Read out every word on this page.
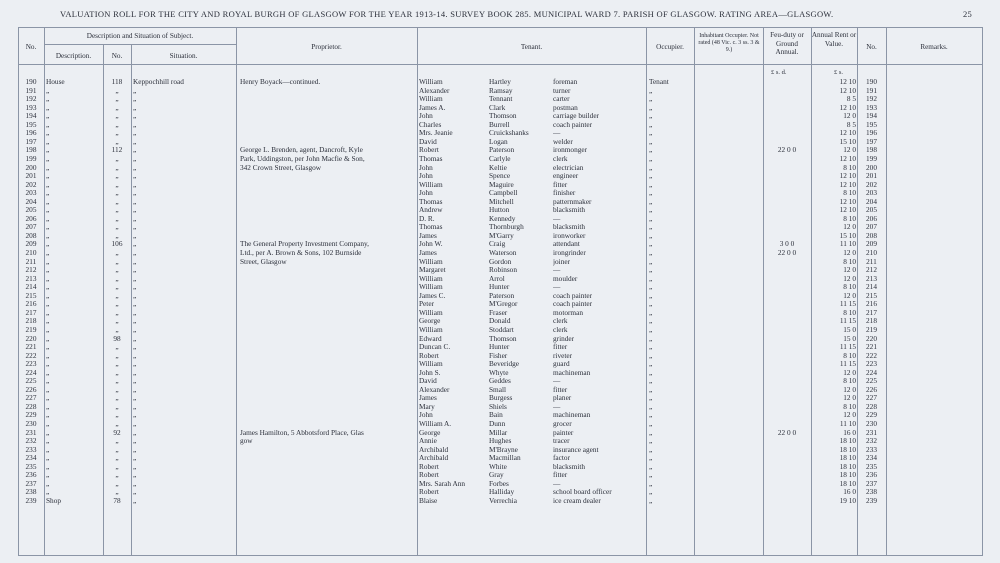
VALUATION ROLL FOR THE CITY AND ROYAL BURGH OF GLASGOW FOR THE YEAR 1913-14. SURVEY BOOK 285. MUNICIPAL WARD 7. PARISH OF GLASGOW. RATING AREA—GLASGOW.	25
No.
Description and Situation of Subject.
Description.	No.	Situation.
Proprietor.	Tenant.	Occupier.
Inhabitant Occupier. Not rated (48 Vic. c. 3 ss. 3 & 9.)
Annual Rent or Value.
Feu-duty or Ground Annual.
No.	Remarks.
£ s. d.	£ s.
190	House	118	Keppochhill road	Henry Boyack—continued.	William	Hartley	foreman	Tenant	12 10	190
191	„	„	„	Alexander	Ramsay	turner	„	12 10	191
192	„	„	„	William	Tennant	carter	„	8 5	192
193	„	„	„	James A.	Clark	postman	„	12 10	193
194	„	„	„	John	Thomson	carriage builder	„	12 0	194
195	„	„	„	Charles	Burrell	coach painter	„	8 5	195
196	„	„	„	Mrs. Jeanie	Cruickshanks	—	„	12 10	196
197	„	„	„	David	Logan	welder	„	15 10	197
198	„	112	„	George L. Brenden, agent, Dancroft, Kyle	Robert	Paterson	ironmonger	„	22 0 0	12 0	198
199	„	„	„	Park, Uddingston, per John Macfie & Son,	Thomas	Carlyle	clerk	„	12 10	199
200	„	„	„	342 Crown Street, Glasgow	John	Keltie	electrician	„	8 10	200
201	„	„	„	John	Spence	engineer	„	12 10	201
202	„	„	„	William	Maguire	fitter	„	12 10	202
203	„	„	„	John	Campbell	finisher	„	8 10	203
204	„	„	„	Thomas	Mitchell	patternmaker	„	12 10	204
205	„	„	„	Andrew	Hutton	blacksmith	„	12 10	205
206	„	„	„	D. R.	Kennedy	—	„	8 10	206
207	„	„	„	Thomas	Thornburgh	blacksmith	„	12 0	207
208	„	„	„	James	M'Garry	ironworker	„	15 10	208
209	„	106	„	The General Property Investment Company,	John W.	Craig	attendant	„	3 0 0	11 10	209
210	„	„	„	Ltd., per A. Brown & Sons, 102 Burnside	James	Waterson	irongrinder	„	22 0 0	12 0	210
211	„	„	„	Street, Glasgow	William	Gordon	joiner	„	8 10	211
212	„	„	„	Margaret	Robinson	—	„	12 0	212
213	„	„	„	William	Arrol	moulder	„	12 0	213
214	„	„	„	William	Hunter	—	„	8 10	214
215	„	„	„	James C.	Paterson	coach painter	„	12 0	215
216	„	„	„	Peter	M'Gregor	coach painter	„	11 15	216
217	„	„	„	William	Fraser	motorman	„	8 10	217
218	„	„	„	George	Donald	clerk	„	11 15	218
219	„	„	„	William	Stoddart	clerk	„	15 0	219
220	„	98	„	Edward	Thomson	grinder	„	15 0	220
221	„	„	„	Duncan C.	Hunter	fitter	„	11 15	221
222	„	„	„	Robert	Fisher	riveter	„	8 10	222
223	„	„	„	William	Beveridge	guard	„	11 15	223
224	„	„	„	John S.	Whyte	machineman	„	12 0	224
225	„	„	„	David	Geddes	—	„	8 10	225
226	„	„	„	Alexander	Small	fitter	„	12 0	226
227	„	„	„	James	Burgess	planer	„	12 0	227
228	„	„	„	Mary	Shiels	—	„	8 10	228
229	„	„	„	John	Bain	machineman	„	12 0	229
230	„	„	„	William A.	Dunn	grocer	„	11 10	230
231	„	92	„	James Hamilton, 5 Abbotsford Place, Glas	George	Millar	painter	„	22 0 0	16 0	231
232	„	„	„	gow	Annie	Hughes	tracer	„	18 10	232
233	„	„	„	Archibald	M'Brayne	insurance agent	„	18 10	233
234	„	„	„	Archibald	Macmillan	factor	„	18 10	234
235	„	„	„	Robert	White	blacksmith	„	18 10	235
236	„	„	„	Robert	Gray	fitter	„	18 10	236
237	„	„	„	Mrs. Sarah Ann	Forbes	—	„	18 10	237
238	„	„	„	Robert	Halliday	school board officer	„	16 0	238
239	Shop	78	„	Blaise	Verrechia	ice cream dealer	„	19 10	239
